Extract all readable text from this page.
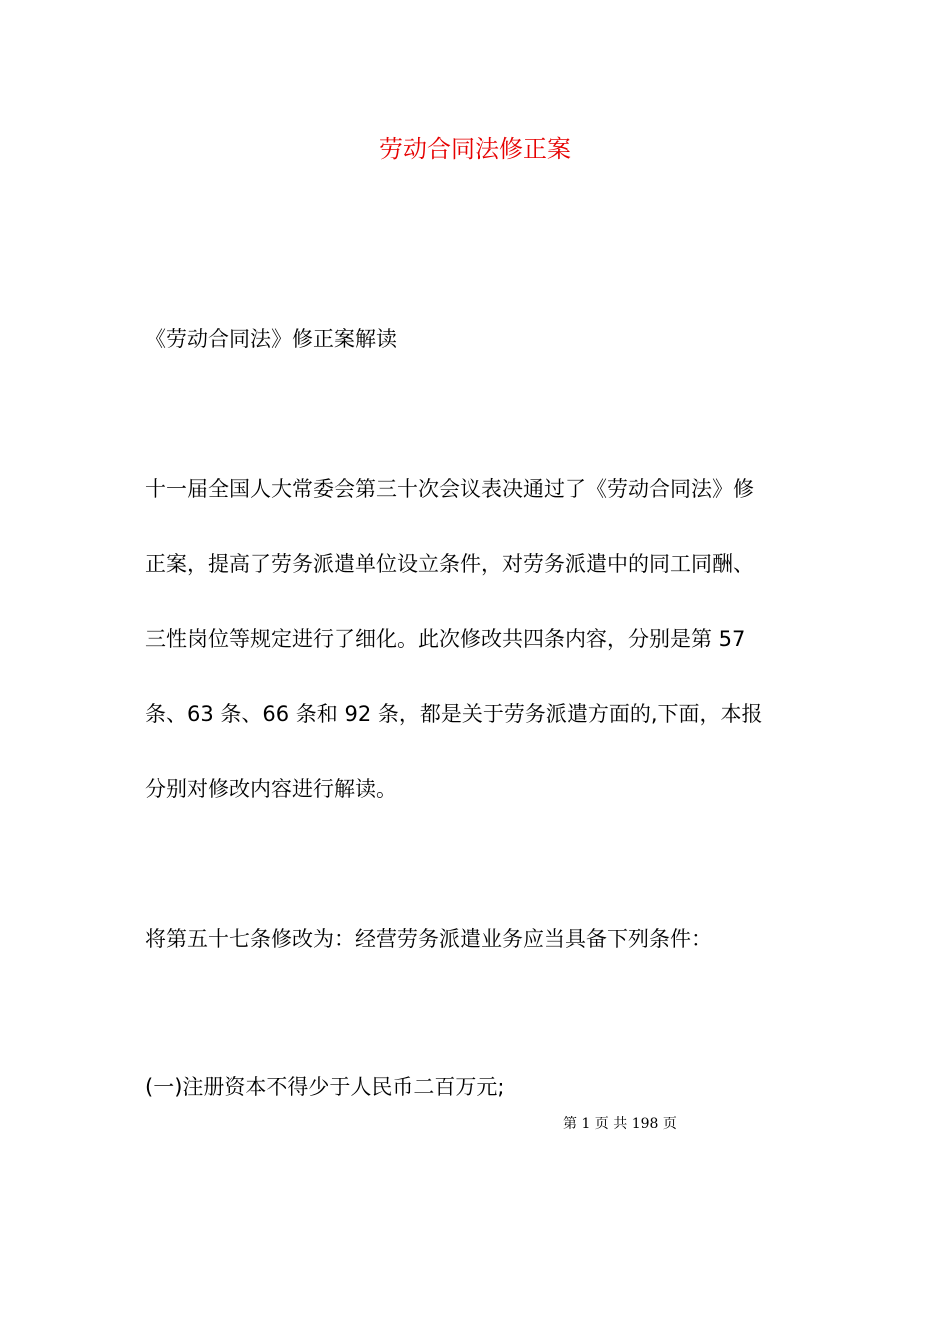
劳动合同法修正案
《劳动合同法》修正案解读
十一届全国人大常委会第三十次会议表决通过了《劳动合同法》修
正案，提高了劳务派遣单位设立条件，对劳务派遣中的同工同酬、
三性岗位等规定进行了细化。此次修改共四条内容，分别是第 57
条、63 条、66 条和 92 条，都是关于劳务派遣方面的,下面，本报
分别对修改内容进行解读。
将第五十七条修改为：经营劳务派遣业务应当具备下列条件：
(一)注册资本不得少于人民币二百万元;
第 1 页 共 198 页
